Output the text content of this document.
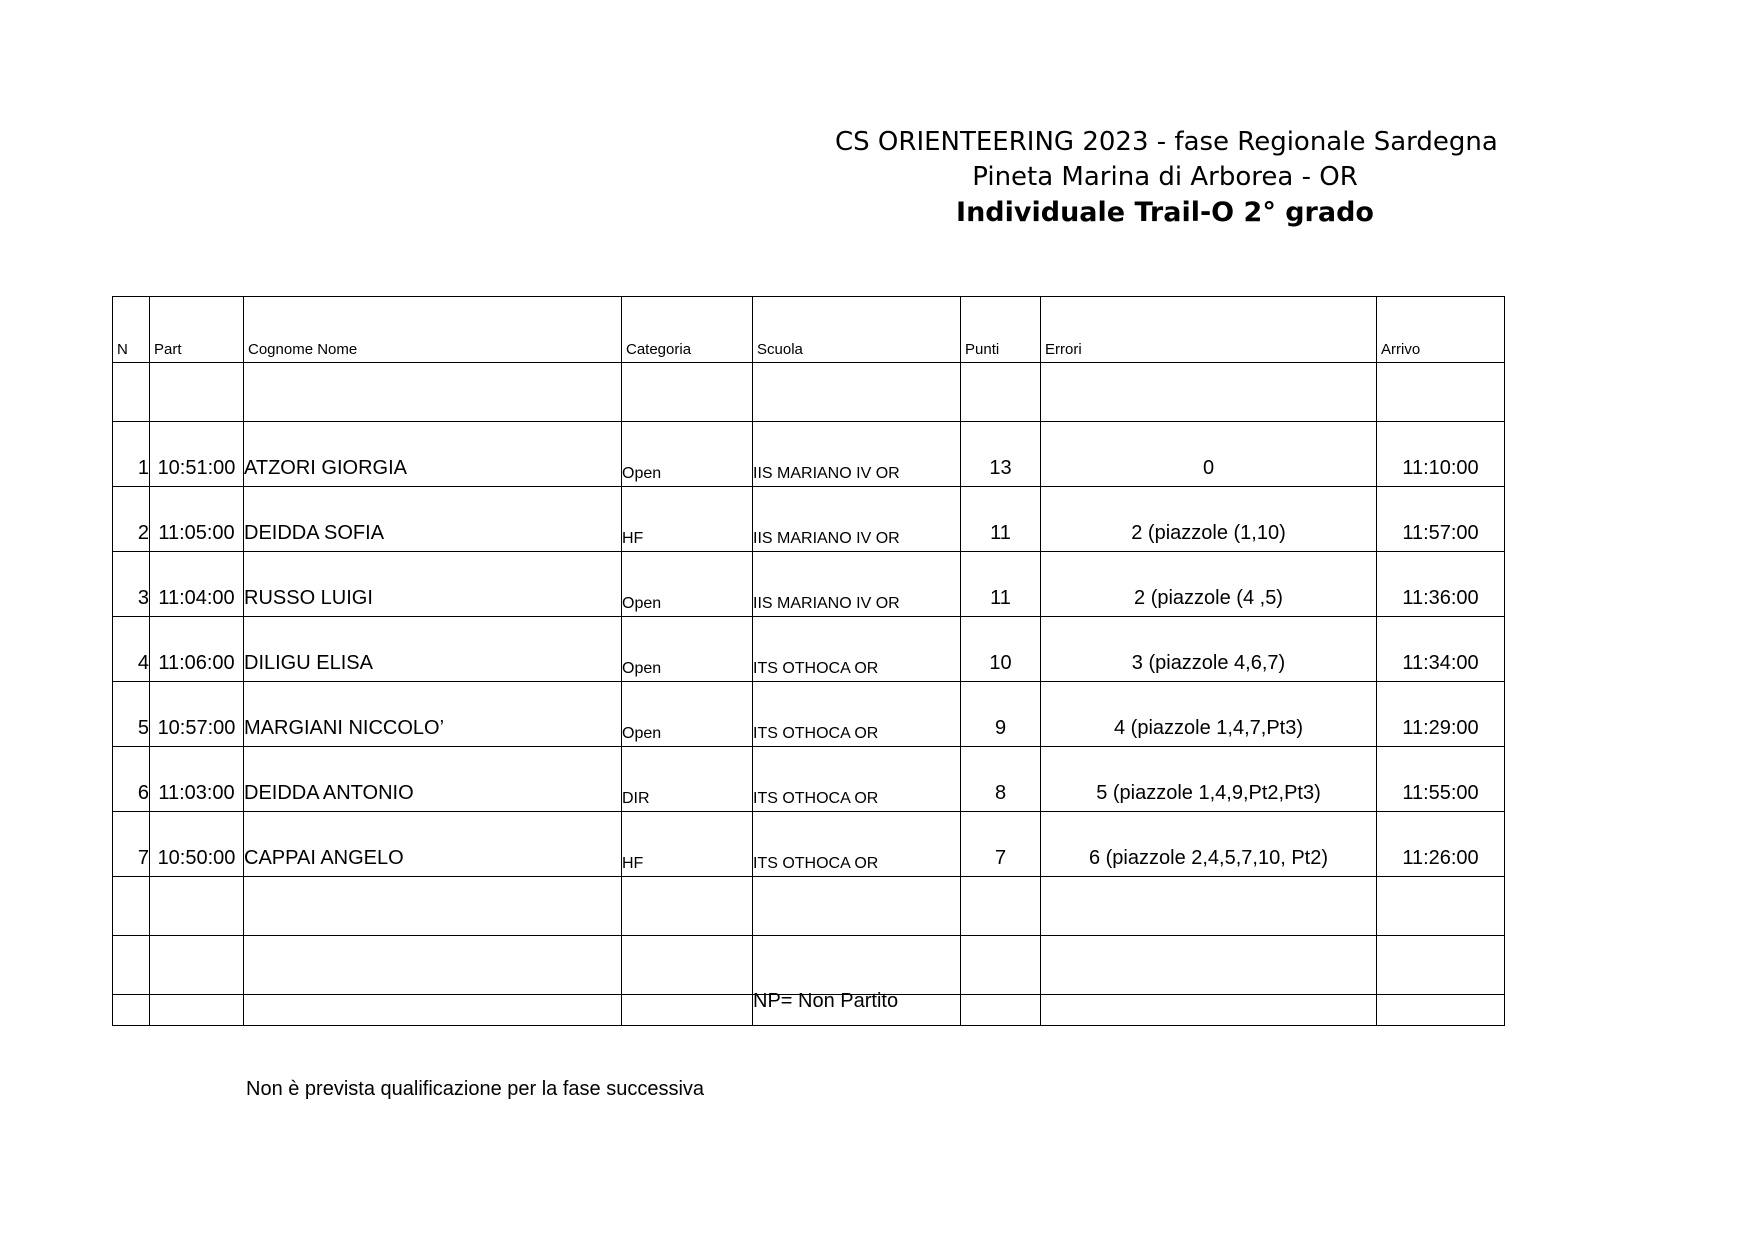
CS ORIENTEERING 2023 - fase Regionale Sardegna
Pineta Marina di Arborea - OR
Individuale Trail-O 2° grado
N	Part	Cognome Nome	Categoria	Scuola	Punti	Errori	Arrivo

1	10:51:00	ATZORI GIORGIA	Open	IIS MARIANO IV OR	13	0	11:10:00
2	11:05:00	DEIDDA SOFIA	HF	IIS MARIANO IV OR	11	2 (piazzole (1,10)	11:57:00
3	11:04:00	RUSSO LUIGI	Open	IIS MARIANO IV OR	11	2 (piazzole (4 ,5)	11:36:00
4	11:06:00	DILIGU ELISA	Open	ITS OTHOCA OR	10	3 (piazzole 4,6,7)	11:34:00
5	10:57:00	MARGIANI NICCOLO’	Open	ITS OTHOCA OR	9	4 (piazzole 1,4,7,Pt3)	11:29:00
6	11:03:00	DEIDDA ANTONIO	DIR	ITS OTHOCA OR	8	5 (piazzole 1,4,9,Pt2,Pt3)	11:55:00
7	10:50:00	CAPPAI ANGELO	HF	ITS OTHOCA OR	7	6 (piazzole 2,4,5,7,10, Pt2)	11:26:00

NP= Non Partito
Non è prevista qualificazione per la fase successiva
